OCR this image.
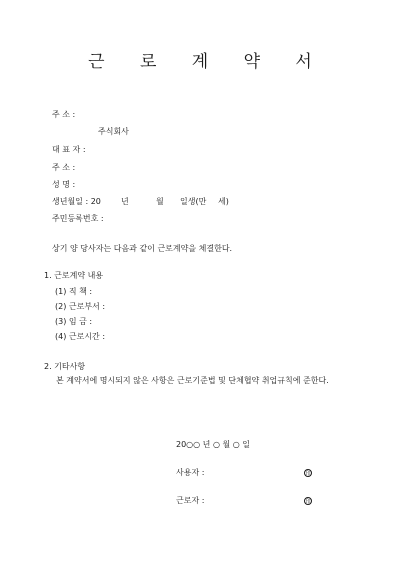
근 로 계 약 서
주 소 :
주식회사
대 표 자 :
주 소 :
성 명 :
생년월일 : 20	년	월 일생(만 세)
주민등록번호 :
상기 양 당사자는 다음과 같이 근로계약을 체결한다.
1. 근로계약 내용
(1) 직 책 :
(2) 근로부서 :
(3) 임 금 :
(4) 근로시간 :
2. 기타사항
본 계약서에 명시되지 않은 사항은 근로기준법 및 단체협약 취업규칙에 준한다.
20○○ 년 ○ 월 ○ 일
사용자 :	印
근로자 :	印
